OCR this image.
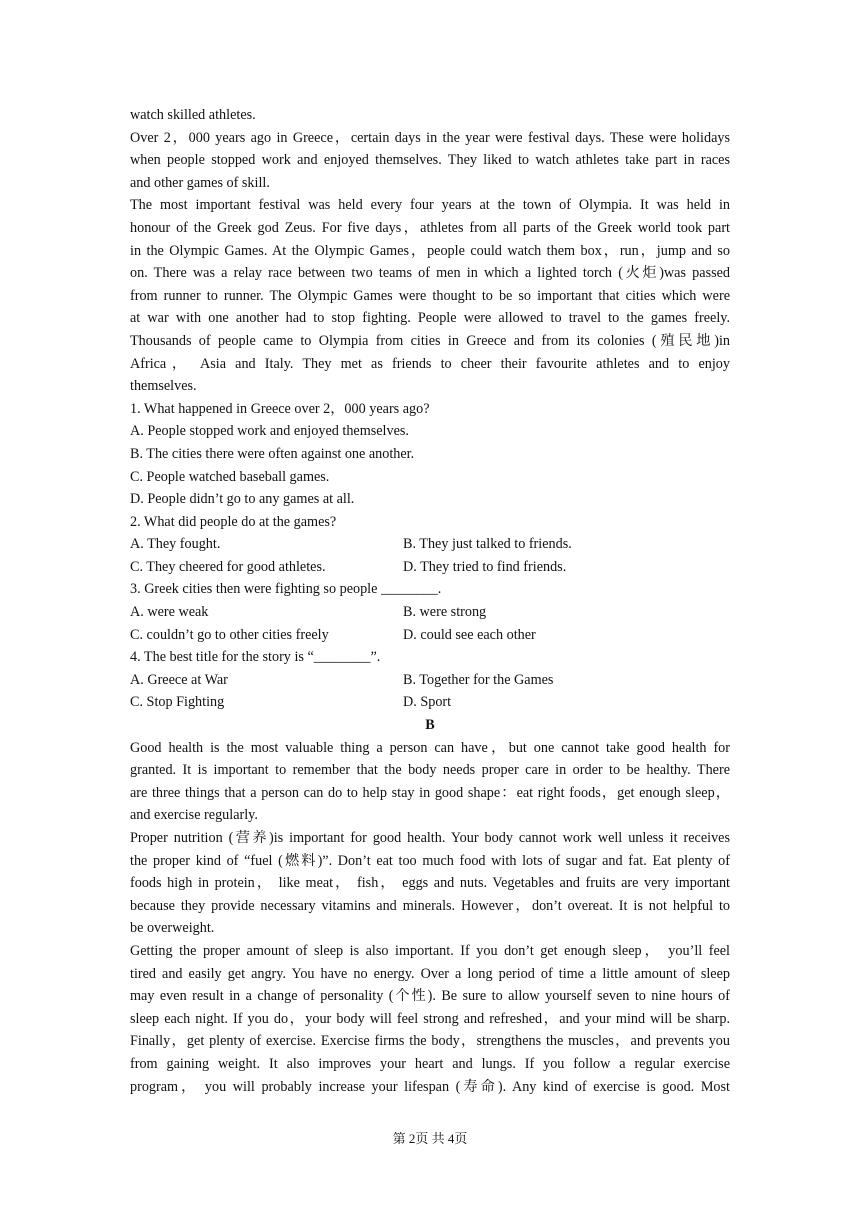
watch skilled athletes.
Over 2，000 years ago in Greece，certain days in the year were festival days. These were holidays
when people stopped work and enjoyed themselves. They liked to watch athletes take part in races
and other games of skill.
The most important festival was held every four years at the town of Olympia. It was held in
honour of the Greek god Zeus. For five days，athletes from all parts of the Greek world took part
in the Olympic Games. At the Olympic Games，people could watch them box，run，jump and so
on. There was a relay race between two teams of men in which a lighted torch (火炬)was passed
from runner to runner. The Olympic Games were thought to be so important that cities which were
at war with one another had to stop fighting. People were allowed to travel to the games freely.
Thousands of people came to Olympia from cities in Greece and from its colonies (殖民地)in
Africa， Asia and Italy. They met as friends to cheer their favourite athletes and to enjoy
themselves.
1. What happened in Greece over 2，000 years ago?
A. People stopped work and enjoyed themselves.
B. The cities there were often against one another.
C. People watched baseball games.
D. People didn’t go to any games at all.
2. What did people do at the games?
A. They fought.	B. They just talked to friends.
C. They cheered for good athletes.	D. They tried to find friends.
3. Greek cities then were fighting so people ________.
A. were weak	B. were strong
C. couldn’t go to other cities freely	D. could see each other
4. The best title for the story is “________”.
A. Greece at War	B. Together for the Games
C. Stop Fighting	D. Sport
B
Good health is the most valuable thing a person can have，but one cannot take good health for
granted. It is important to remember that the body needs proper care in order to be healthy. There
are three things that a person can do to help stay in good shape：eat right foods，get enough sleep，
and exercise regularly.
Proper nutrition (营养)is important for good health. Your body cannot work well unless it receives
the proper kind of “fuel (燃料)”. Don’t eat too much food with lots of sugar and fat. Eat plenty of
foods high in protein， like meat， fish， eggs and nuts. Vegetables and fruits are very important
because they provide necessary vitamins and minerals. However，don’t overeat. It is not helpful to
be overweight.
Getting the proper amount of sleep is also important. If you don’t get enough sleep， you’ll feel
tired and easily get angry. You have no energy. Over a long period of time a little amount of sleep
may even result in a change of personality (个性). Be sure to allow yourself seven to nine hours of
sleep each night. If you do，your body will feel strong and refreshed，and your mind will be sharp.
Finally，get plenty of exercise. Exercise firms the body，strengthens the muscles，and prevents you
from gaining weight. It also improves your heart and lungs. If you follow a regular exercise
program， you will probably increase your lifespan (寿命). Any kind of exercise is good. Most
第 2页 共 4页
